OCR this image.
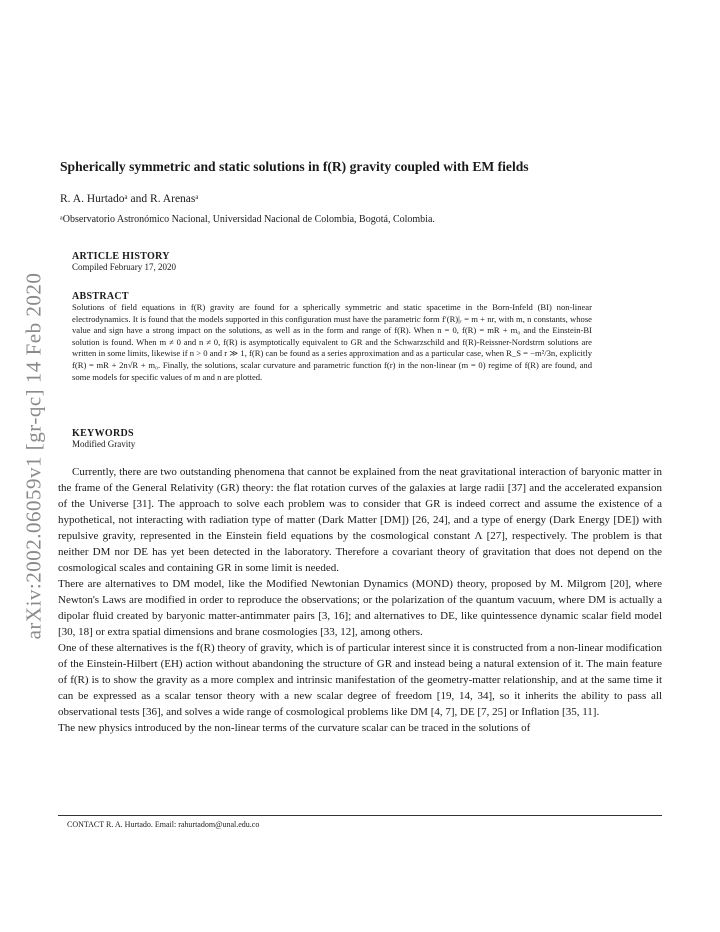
arXiv:2002.06059v1 [gr-qc] 14 Feb 2020
Spherically symmetric and static solutions in f(R) gravity coupled with EM fields
R. A. Hurtadoᵃ and R. Arenasᵃ
ᵃObservatorio Astronómico Nacional, Universidad Nacional de Colombia, Bogotá, Colombia.
ARTICLE HISTORY
Compiled February 17, 2020
ABSTRACT
Solutions of field equations in f(R) gravity are found for a spherically symmetric and static spacetime in the Born-Infeld (BI) non-linear electrodynamics. It is found that the models supported in this configuration must have the parametric form f′(R)|ᵣ = m + nr, with m, n constants, whose value and sign have a strong impact on the solutions, as well as in the form and range of f(R). When n = 0, f(R) = mR + m₀ and the Einstein-BI solution is found. When m ≠ 0 and n ≠ 0, f(R) is asymptotically equivalent to GR and the Schwarzschild and f(R)-Reissner-Nordstrm solutions are written in some limits, likewise if n > 0 and r ≫ 1, f(R) can be found as a series approximation and as a particular case, when R_S = −m²/3n, explicitly f(R) = mR + 2n√R + m₀. Finally, the solutions, scalar curvature and parametric function f(r) in the non-linear (m = 0) regime of f(R) are found, and some models for specific values of m and n are plotted.
KEYWORDS
Modified Gravity

Currently, there are two outstanding phenomena that cannot be explained from the neat gravitational interaction of baryonic matter in the frame of the General Relativity (GR) theory: the flat rotation curves of the galaxies at large radii [37] and the accelerated expansion of the Universe [31]. The approach to solve each problem was to consider that GR is indeed correct and assume the existence of a hypothetical, not interacting with radiation type of matter (Dark Matter [DM]) [26, 24], and a type of energy (Dark Energy [DE]) with repulsive gravity, represented in the Einstein field equations by the cosmological constant Λ [27], respectively. The problem is that neither DM nor DE has yet been detected in the laboratory. Therefore a covariant theory of gravitation that does not depend on the cosmological scales and containing GR in some limit is needed.

There are alternatives to DM model, like the Modified Newtonian Dynamics (MOND) theory, proposed by M. Milgrom [20], where Newton's Laws are modified in order to reproduce the observations; or the polarization of the quantum vacuum, where DM is actually a dipolar fluid created by baryonic matter-antimmater pairs [3, 16]; and alternatives to DE, like quintessence dynamic scalar field model [30, 18] or extra spatial dimensions and brane cosmologies [33, 12], among others.

One of these alternatives is the f(R) theory of gravity, which is of particular interest since it is constructed from a non-linear modification of the Einstein-Hilbert (EH) action without abandoning the structure of GR and instead being a natural extension of it. The main feature of f(R) is to show the gravity as a more complex and intrinsic manifestation of the geometry-matter relationship, and at the same time it can be expressed as a scalar tensor theory with a new scalar degree of freedom [19, 14, 34], so it inherits the ability to pass all observational tests [36], and solves a wide range of cosmological problems like DM [4, 7], DE [7, 25] or Inflation [35, 11].

The new physics introduced by the non-linear terms of the curvature scalar can be traced in the solutions of

CONTACT R. A. Hurtado. Email: rahurtadom@unal.edu.co
